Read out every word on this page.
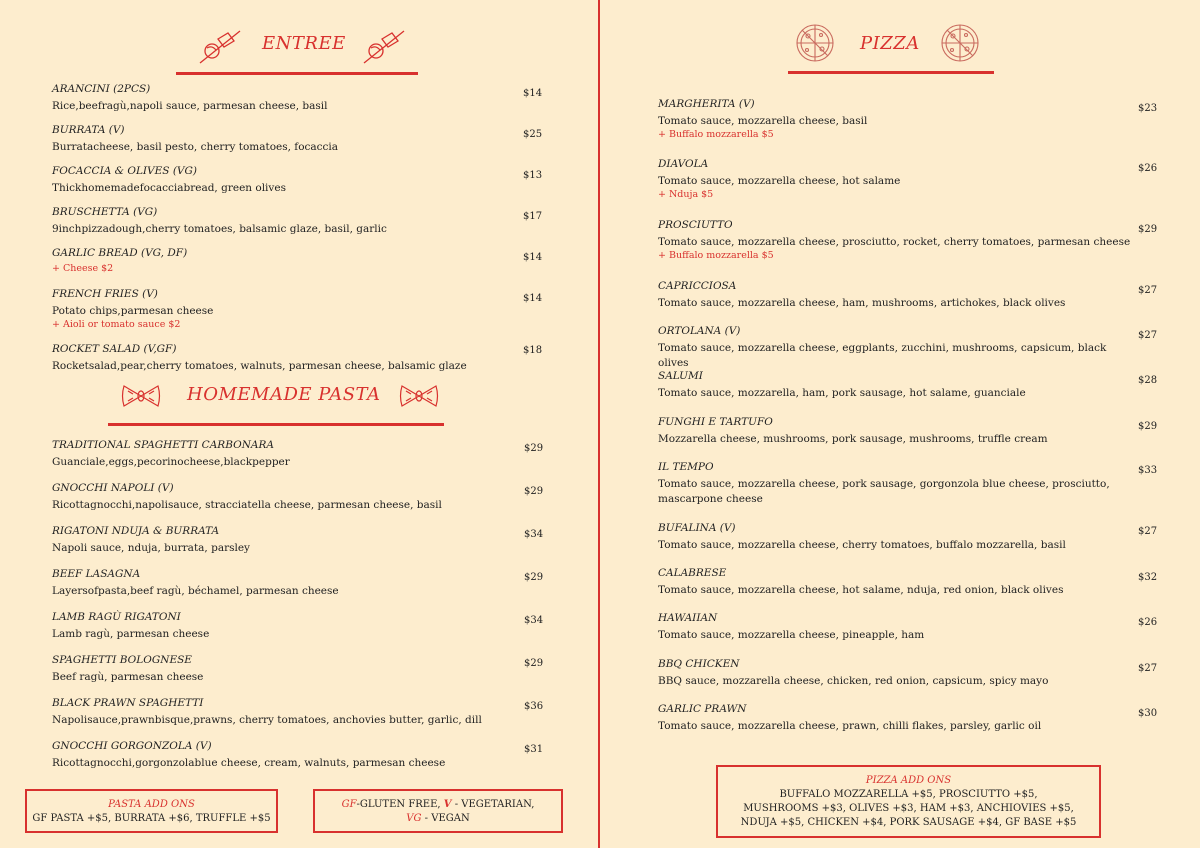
ENTREE
ARANCINI (2PCS)
Rice,beefragù,napoli sauce, parmesan cheese, basil
$14
BURRATA (V)
Burratacheese, basil pesto, cherry tomatoes, focaccia
$25
FOCACCIA & OLIVES (VG)
Thickhomemadefocacciabread, green olives
$13
BRUSCHETTA (VG)
9inchpizzadough,cherry tomatoes, balsamic glaze, basil, garlic
$17
GARLIC BREAD (VG, DF)
+ Cheese $2
$14
FRENCH FRIES (V)
Potato chips,parmesan cheese
+ Aioli or tomato sauce $2
$14
ROCKET SALAD (V,GF)
Rocketsalad,pear,cherry tomatoes, walnuts, parmesan cheese, balsamic glaze
$18
HOMEMADE PASTA
TRADITIONAL SPAGHETTI CARBONARA
Guanciale,eggs,pecorinocheese,blackpepper
$29
GNOCCHI NAPOLI (V)
Ricottagnocchi,napolisauce, stracciatella cheese, parmesan cheese, basil
$29
RIGATONI NDUJA & BURRATA
Napoli sauce, nduja, burrata, parsley
$34
BEEF LASAGNA
Layersofpasta,beef ragù, béchamel, parmesan cheese
$29
LAMB RAGÙ RIGATONI
Lamb ragù, parmesan cheese
$34
SPAGHETTI BOLOGNESE
Beef ragù, parmesan cheese
$29
BLACK PRAWN SPAGHETTI
Napolisauce,prawnbisque,prawns, cherry tomatoes, anchovies butter, garlic, dill
$36
GNOCCHI GORGONZOLA (V)
Ricottagnocchi,gorgonzolablue cheese, cream, walnuts, parmesan cheese
$31
PASTA ADD ONS
GF PASTA +$5, BURRATA +$6, TRUFFLE +$5
GF-GLUTEN FREE, V - VEGETARIAN,
VG - VEGAN
PIZZA
MARGHERITA (V)
Tomato sauce, mozzarella cheese, basil
+ Buffalo mozzarella $5
$23
DIAVOLA
Tomato sauce, mozzarella cheese, hot salame
+ Nduja $5
$26
PROSCIUTTO
Tomato sauce, mozzarella cheese, prosciutto, rocket, cherry tomatoes, parmesan cheese
+ Buffalo mozzarella $5
$29
CAPRICCIOSA
Tomato sauce, mozzarella cheese, ham, mushrooms, artichokes, black olives
$27
ORTOLANA (V)
Tomato sauce, mozzarella cheese, eggplants, zucchini, mushrooms, capsicum, black olives
$27
SALUMI
Tomato sauce, mozzarella, ham, pork sausage, hot salame, guanciale
$28
FUNGHI E TARTUFO
Mozzarella cheese, mushrooms, pork sausage, mushrooms, truffle cream
$29
IL TEMPO
Tomato sauce, mozzarella cheese, pork sausage, gorgonzola blue cheese, prosciutto, mascarpone cheese
$33
BUFALINA (V)
Tomato sauce, mozzarella cheese, cherry tomatoes, buffalo mozzarella, basil
$27
CALABRESE
Tomato sauce, mozzarella cheese, hot salame, nduja, red onion, black olives
$32
HAWAIIAN
Tomato sauce, mozzarella cheese, pineapple, ham
$26
BBQ CHICKEN
BBQ sauce, mozzarella cheese, chicken, red onion, capsicum, spicy mayo
$27
GARLIC PRAWN
Tomato sauce, mozzarella cheese, prawn, chilli flakes, parsley, garlic oil
$30
PIZZA ADD ONS
BUFFALO MOZZARELLA +$5, PROSCIUTTO +$5,
MUSHROOMS +$3, OLIVES +$3, HAM +$3, ANCHIOVIES +$5,
NDUJA +$5, CHICKEN +$4, PORK SAUSAGE +$4, GF BASE +$5
